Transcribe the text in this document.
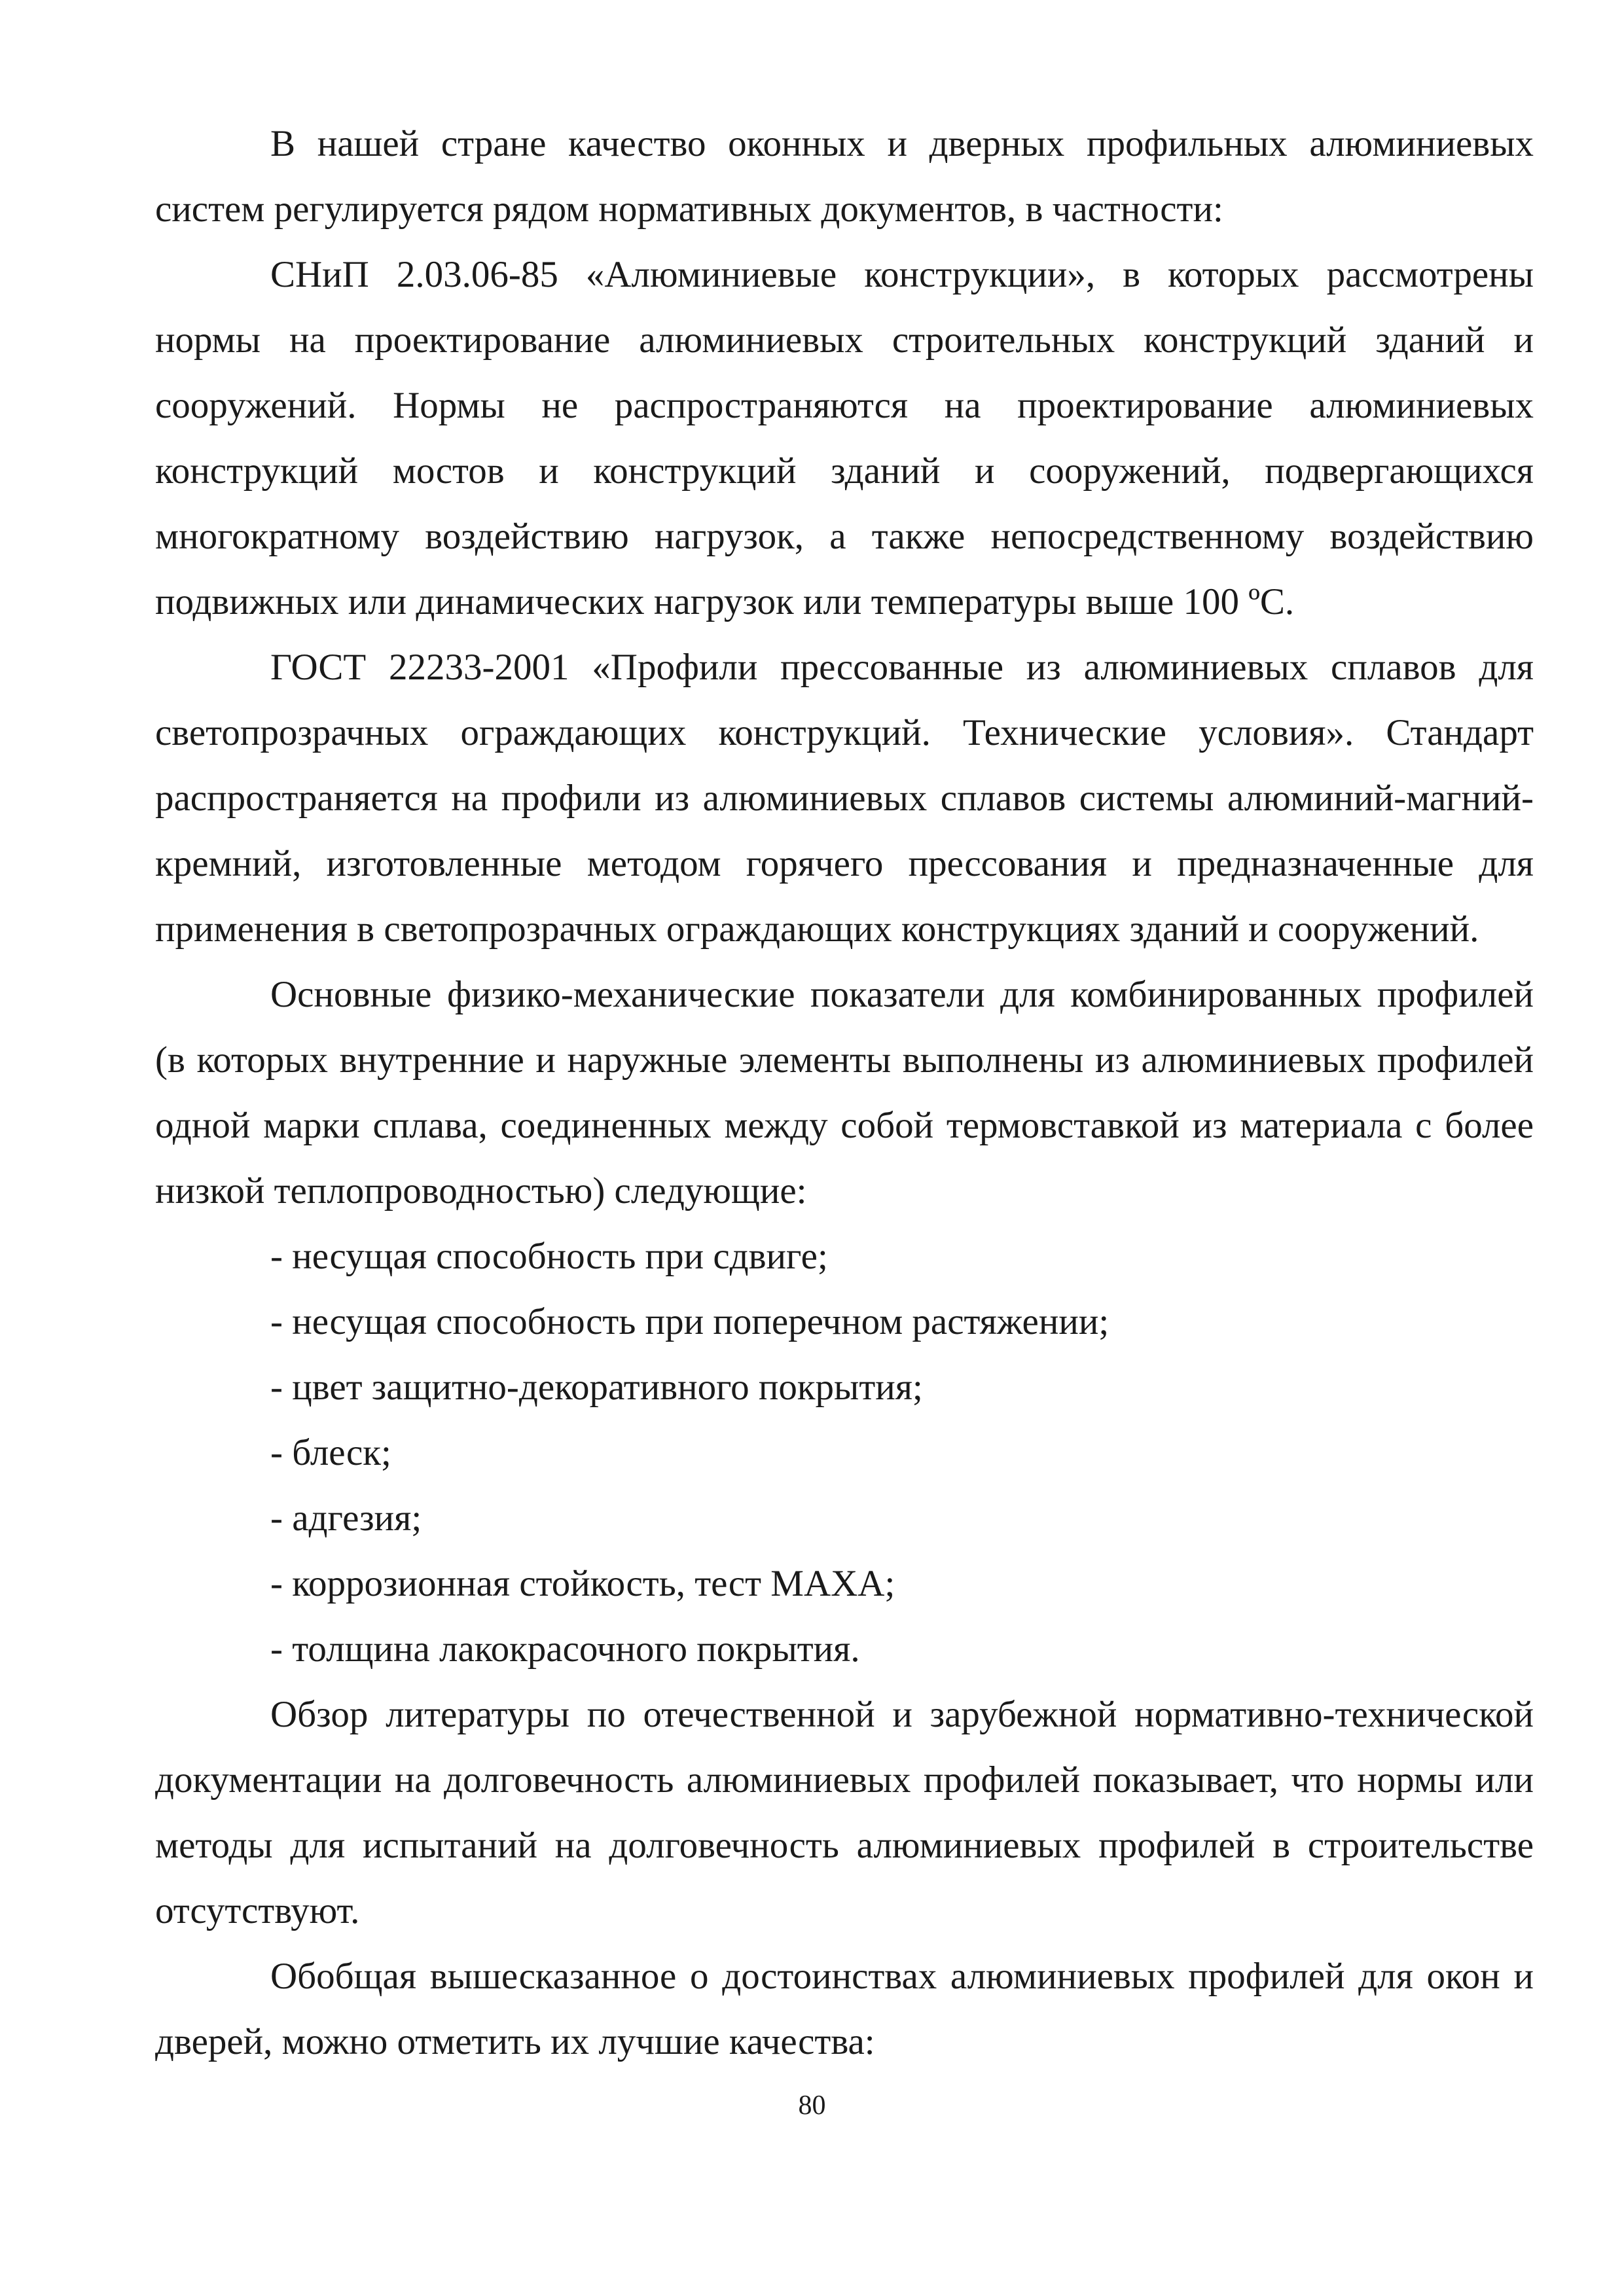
В нашей стране качество оконных и дверных профильных алюминиевых систем регулируется рядом нормативных документов, в частности:

СНиП 2.03.06-85 «Алюминиевые конструкции», в которых рассмотрены нормы на проектирование алюминиевых строительных конструкций зданий и сооружений. Нормы не распространяются на проектирование алюминиевых конструкций мостов и конструкций зданий и сооружений, подвергающихся многократному воздействию нагрузок, а также непосредственному воздействию подвижных или динамических нагрузок или температуры выше 100 ºС.

ГОСТ 22233-2001 «Профили прессованные из алюминиевых сплавов для светопрозрачных ограждающих конструкций. Технические условия». Стандарт распространяется на профили из алюминиевых сплавов системы алюминий-магний-кремний, изготовленные методом горячего прессования и предназначенные для применения в светопрозрачных ограждающих конструкциях зданий и сооружений.

Основные физико-механические показатели для комбинированных профилей (в которых внутренние и наружные элементы выполнены из алюминиевых профилей одной марки сплава, соединенных между собой термовставкой из материала с более низкой теплопроводностью) следующие:

- несущая способность при сдвиге;

- несущая способность при поперечном растяжении;

- цвет защитно-декоративного покрытия;

- блеск;

- адгезия;

- коррозионная стойкость, тест МАХА;

- толщина лакокрасочного покрытия.

Обзор литературы по отечественной и зарубежной нормативно-технической документации на долговечность алюминиевых профилей показывает, что нормы или методы для испытаний на долговечность алюминиевых профилей в строительстве отсутствуют.

Обобщая вышесказанное о достоинствах алюминиевых профилей для окон и дверей, можно отметить их лучшие качества:

80
